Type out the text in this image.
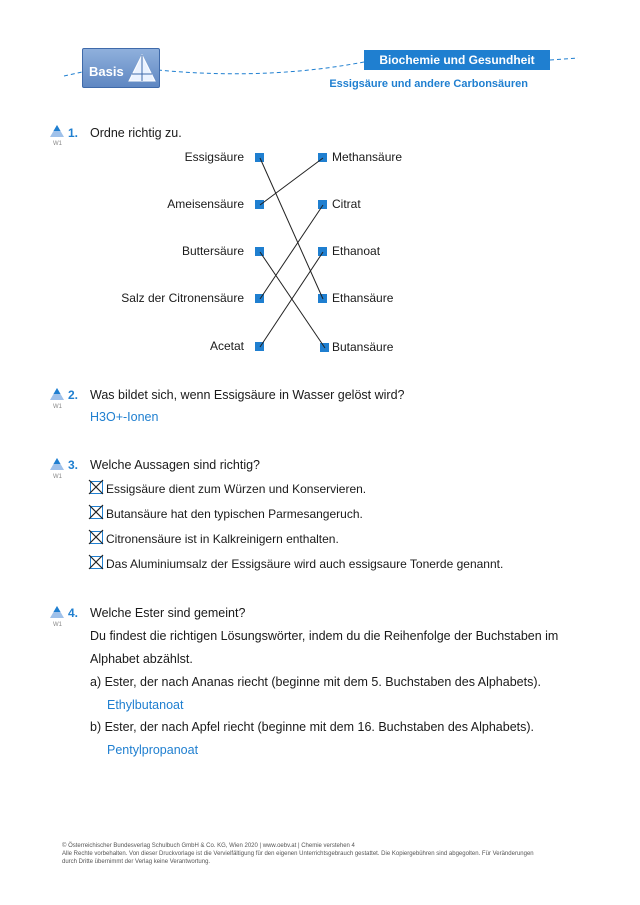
Basis
Biochemie und Gesundheit
Essigsäure und andere Carbonsäuren
W1
1. Ordne richtig zu.
Essigsäure
Ameisensäure
Buttersäure
Salz der Citronensäure
Acetat
Methansäure
Citrat
Ethanoat
Ethansäure
Butansäure
W1
2. Was bildet sich, wenn Essigsäure in Wasser gelöst wird?
H3O+-Ionen
W1
3. Welche Aussagen sind richtig?
Essigsäure dient zum Würzen und Konservieren.
Butansäure hat den typischen Parmesangeruch.
Citronensäure ist in Kalkreinigern enthalten.
Das Aluminiumsalz der Essigsäure wird auch essigsaure Tonerde genannt.
W1
4. Welche Ester sind gemeint?
Du findest die richtigen Lösungswörter, indem du die Reihenfolge der Buchstaben im
Alphabet abzählst.
a) Ester, der nach Ananas riecht (beginne mit dem 5. Buchstaben des Alphabets).
Ethylbutanoat
b) Ester, der nach Apfel riecht (beginne mit dem 16. Buchstaben des Alphabets).
Pentylpropanoat
© Österreichischer Bundesverlag Schulbuch GmbH & Co. KG, Wien 2020 | www.oebv.at | Chemie verstehen 4
Alle Rechte vorbehalten. Von dieser Druckvorlage ist die Vervielfältigung für den eigenen Unterrichtsgebrauch gestattet. Die Kopiergebühren sind abgegolten. Für Veränderungen
durch Dritte übernimmt der Verlag keine Verantwortung.
